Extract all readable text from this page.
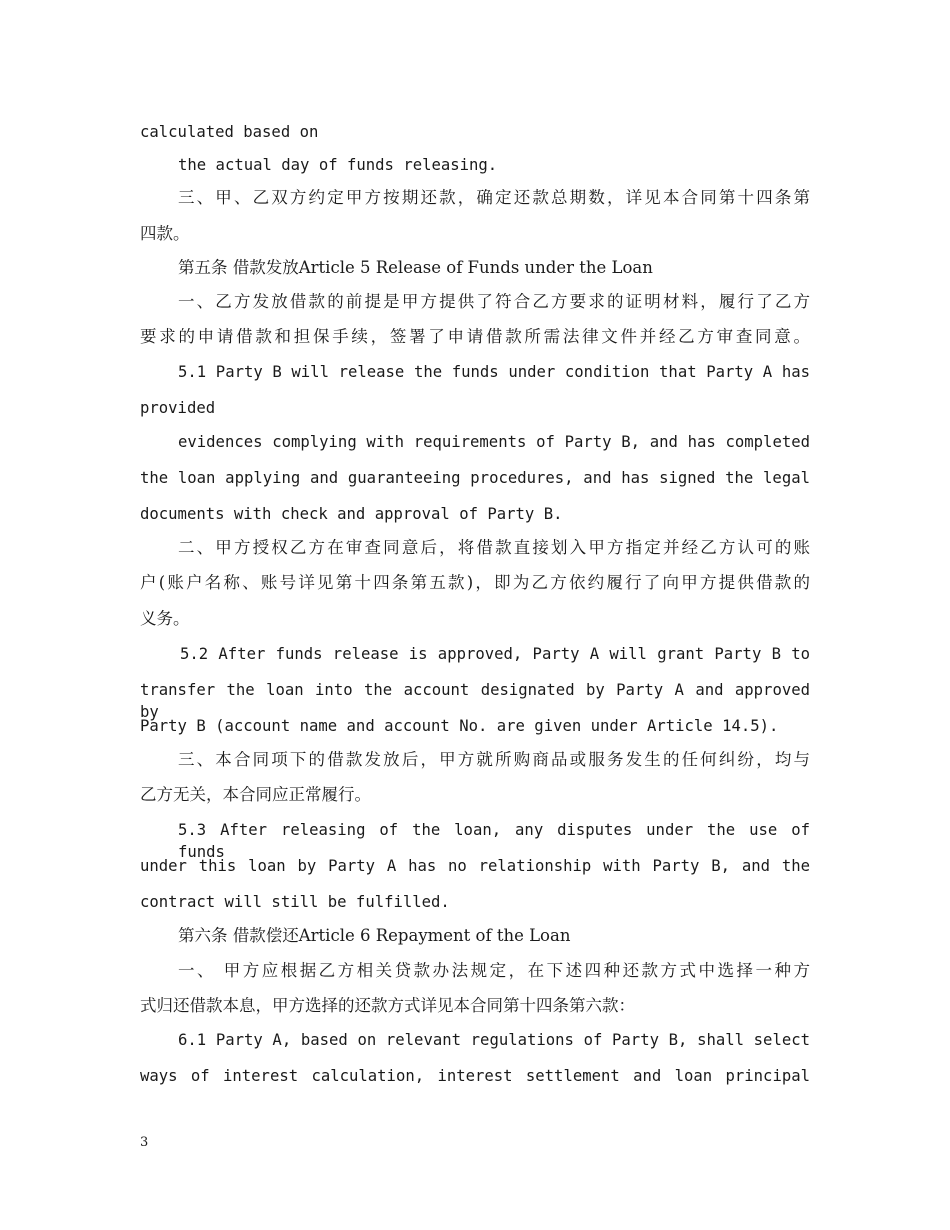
calculated based on
the actual day of funds releasing.
三、甲、乙双方约定甲方按期还款，确定还款总期数，详见本合同第十四条第
四款。
第五条 借款发放Article 5 Release of Funds under the Loan
一、乙方发放借款的前提是甲方提供了符合乙方要求的证明材料，履行了乙方
要求的申请借款和担保手续，签署了申请借款所需法律文件并经乙方审查同意。
5.1 Party B will release the funds under condition that Party A has
provided
evidences complying with requirements of Party B, and has completed
the loan applying and guaranteeing procedures, and has signed the legal
documents with check and approval of Party B.
二、甲方授权乙方在审查同意后，将借款直接划入甲方指定并经乙方认可的账
户(账户名称、账号详见第十四条第五款)，即为乙方依约履行了向甲方提供借款的
义务。
5.2 After funds release is approved, Party A will grant Party B to
transfer the loan into the account designated by Party A and approved by
Party B (account name and account No. are given under Article 14.5).
三、本合同项下的借款发放后，甲方就所购商品或服务发生的任何纠纷，均与
乙方无关，本合同应正常履行。
5.3 After releasing of the loan, any disputes under the use of funds
under this loan by Party A has no relationship with Party B, and the
contract will still be fulfilled.
第六条 借款偿还Article 6 Repayment of the Loan
一、 甲方应根据乙方相关贷款办法规定，在下述四种还款方式中选择一种方
式归还借款本息，甲方选择的还款方式详见本合同第十四条第六款：
6.1 Party A, based on relevant regulations of Party B, shall select
ways of interest calculation, interest settlement and loan principal
3
